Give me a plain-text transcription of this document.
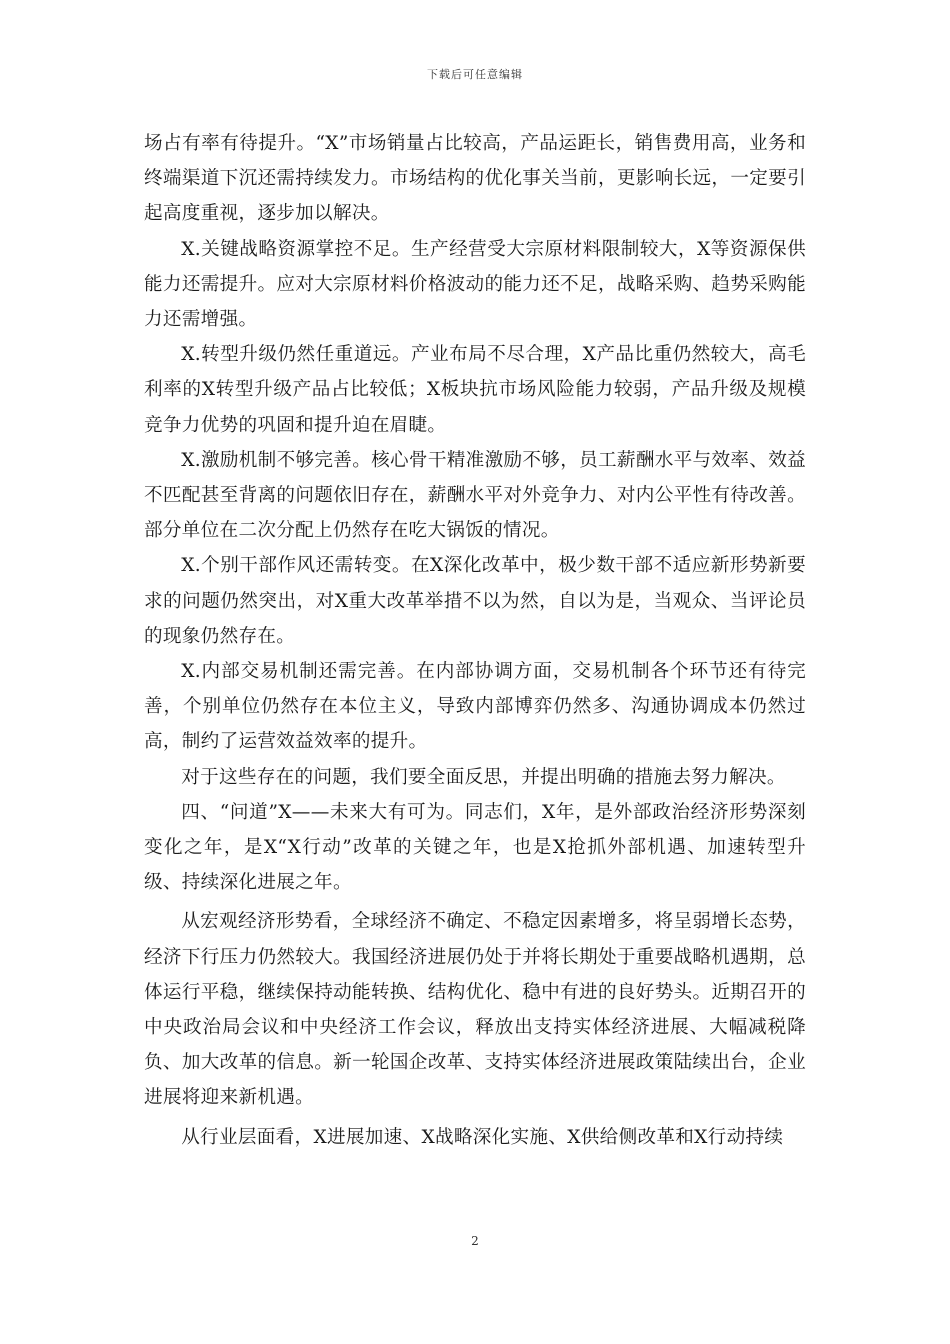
下载后可任意编辑

场占有率有待提升。“X”市场销量占比较高，产品运距长，销售费用高，业务和终端渠道下沉还需持续发力。市场结构的优化事关当前，更影响长远，一定要引起高度重视，逐步加以解决。

X.关键战略资源掌控不足。生产经营受大宗原材料限制较大，X等资源保供能力还需提升。应对大宗原材料价格波动的能力还不足，战略采购、趋势采购能力还需增强。

X.转型升级仍然任重道远。产业布局不尽合理，X产品比重仍然较大，高毛利率的X转型升级产品占比较低；X板块抗市场风险能力较弱，产品升级及规模竞争力优势的巩固和提升迫在眉睫。

X.激励机制不够完善。核心骨干精准激励不够，员工薪酬水平与效率、效益不匹配甚至背离的问题依旧存在，薪酬水平对外竞争力、对内公平性有待改善。部分单位在二次分配上仍然存在吃大锅饭的情况。

X.个别干部作风还需转变。在X深化改革中，极少数干部不适应新形势新要求的问题仍然突出，对X重大改革举措不以为然，自以为是，当观众、当评论员的现象仍然存在。

X.内部交易机制还需完善。在内部协调方面，交易机制各个环节还有待完善，个别单位仍然存在本位主义，导致内部博弈仍然多、沟通协调成本仍然过高，制约了运营效益效率的提升。

对于这些存在的问题，我们要全面反思，并提出明确的措施去努力解决。

四、“问道”X——未来大有可为。同志们，X年，是外部政治经济形势深刻变化之年，是X“X行动”改革的关键之年，也是X抢抓外部机遇、加速转型升级、持续深化进展之年。

从宏观经济形势看，全球经济不确定、不稳定因素增多，将呈弱增长态势，经济下行压力仍然较大。我国经济进展仍处于并将长期处于重要战略机遇期，总体运行平稳，继续保持动能转换、结构优化、稳中有进的良好势头。近期召开的中央政治局会议和中央经济工作会议，释放出支持实体经济进展、大幅减税降负、加大改革的信息。新一轮国企改革、支持实体经济进展政策陆续出台，企业进展将迎来新机遇。

从行业层面看，X进展加速、X战略深化实施、X供给侧改革和X行动持续

2
